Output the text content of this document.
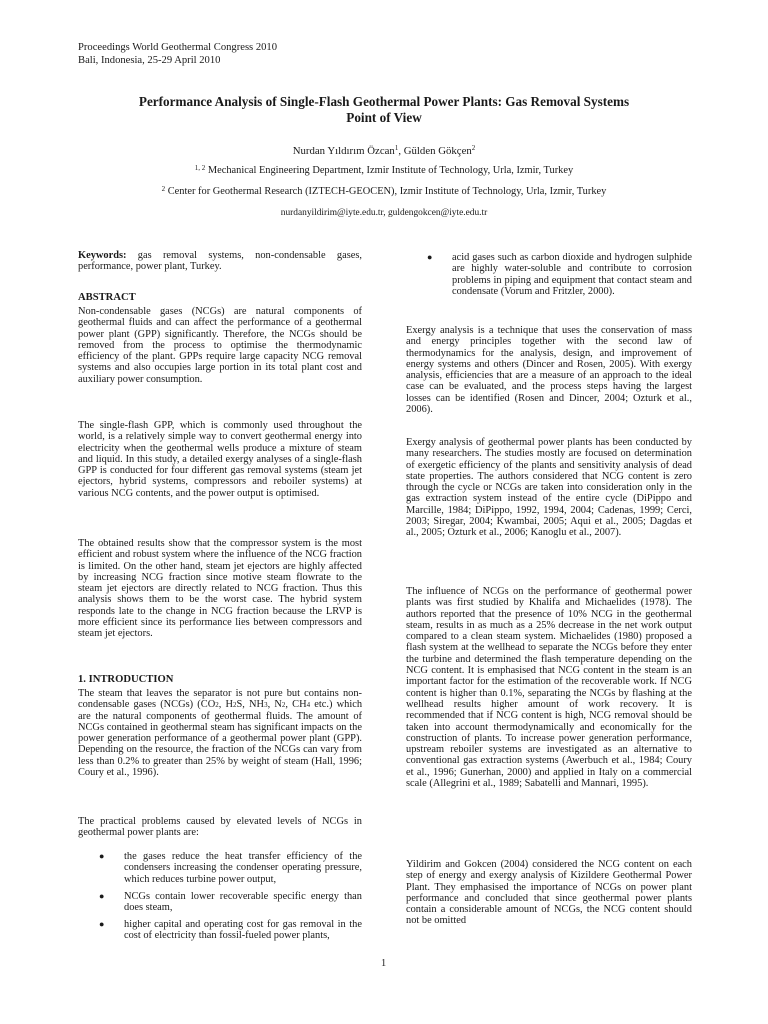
Proceedings World Geothermal Congress 2010
Bali, Indonesia, 25-29 April 2010
Performance Analysis of Single-Flash Geothermal Power Plants: Gas Removal Systems
Point of View
Nurdan Yıldırım Özcan$^1$, Gülden Gökçen$^2$
$^{1, 2}$ Mechanical Engineering Department, Izmir Institute of Technology, Urla, Izmir, Turkey
$^2$ Center for Geothermal Research (IZTECH-GEOCEN), Izmir Institute of Technology, Urla, Izmir, Turkey
nurdanyildirim@iyte.edu.tr, guldengokcen@iyte.edu.tr

Keywords: gas removal systems, non-condensable gases, performance, power plant, Turkey.

ABSTRACT

Non-condensable gases (NCGs) are natural components of geothermal fluids and can affect the performance of a geothermal power plant (GPP) significantly. Therefore, the NCGs should be removed from the process to optimise the thermodynamic efficiency of the plant. GPPs require large capacity NCG removal systems and also occupies large portion in its total plant cost and auxiliary power consumption.

The single-flash GPP, which is commonly used throughout the world, is a relatively simple way to convert geothermal energy into electricity when the geothermal wells produce a mixture of steam and liquid. In this study, a detailed exergy analyses of a single-flash GPP is conducted for four different gas removal systems (steam jet ejectors, hybrid systems, compressors and reboiler systems) at various NCG contents, and the power output is optimised.

The obtained results show that the compressor system is the most efficient and robust system where the influence of the NCG fraction is limited. On the other hand, steam jet ejectors are highly affected by increasing NCG fraction since motive steam flowrate to the steam jet ejectors are directly related to NCG fraction. Thus this analysis shows them to be the worst case. The hybrid system responds late to the change in NCG fraction because the LRVP is more efficient since its performance lies between compressors and steam jet ejectors.

1. INTRODUCTION

The steam that leaves the separator is not pure but contains non-condensable gases (NCGs) ($CO_2$, $H_2S$, $NH_3$, $N_2$, $CH_4$ etc.) which are the natural components of geothermal fluids. The amount of NCGs contained in geothermal steam has significant impacts on the power generation performance of a geothermal power plant (GPP). Depending on the resource, the fraction of the NCGs can vary from less than 0.2% to greater than 25% by weight of steam (Hall, 1996; Coury et al., 1996).

The practical problems caused by elevated levels of NCGs in geothermal power plants are:

● the gases reduce the heat transfer efficiency of the condensers increasing the condenser operating pressure, which reduces turbine power output,
● NCGs contain lower recoverable specific energy than does steam,
● higher capital and operating cost for gas removal in the cost of electricity than fossil-fueled power plants,
● acid gases such as carbon dioxide and hydrogen sulphide are highly water-soluble and contribute to corrosion problems in piping and equipment that contact steam and condensate (Vorum and Fritzler, 2000).

Exergy analysis is a technique that uses the conservation of mass and energy principles together with the second law of thermodynamics for the analysis, design, and improvement of energy systems and others (Dincer and Rosen, 2005). With exergy analysis, efficiencies that are a measure of an approach to the ideal case can be evaluated, and the process steps having the largest losses can be identified (Rosen and Dincer, 2004; Ozturk et al., 2006).

Exergy analysis of geothermal power plants has been conducted by many researchers. The studies mostly are focused on determination of exergetic efficiency of the plants and sensitivity analysis of dead state properties. The authors considered that NCG content is zero through the cycle or NCGs are taken into consideration only in the gas extraction system instead of the entire cycle (DiPippo and Marcille, 1984; DiPippo, 1992, 1994, 2004; Cadenas, 1999; Cerci, 2003; Siregar, 2004; Kwambai, 2005; Aqui et al., 2005; Dagdas et al., 2005; Ozturk et al., 2006; Kanoglu et al., 2007).

The influence of NCGs on the performance of geothermal power plants was first studied by Khalifa and Michaelides (1978). The authors reported that the presence of 10% NCG in the geothermal steam, results in as much as a 25% decrease in the net work output compared to a clean steam system. Michaelides (1980) proposed a flash system at the wellhead to separate the NCGs before they enter the turbine and determined the flash temperature depending on the NCG content. It is emphasised that NCG content in the steam is an important factor for the estimation of the recoverable work. If NCG content is higher than 0.1%, separating the NCGs by flashing at the wellhead results higher amount of work recovery. It is recommended that if NCG content is high, NCG removal should be taken into account thermodynamically and economically for the construction of plants. To increase power generation performance, upstream reboiler systems are investigated as an alternative to conventional gas extraction systems (Awerbuch et al., 1984; Coury et al., 1996; Gunerhan, 2000) and applied in Italy on a commercial scale (Allegrini et al., 1989; Sabatelli and Mannari, 1995).

Yildirim and Gokcen (2004) considered the NCG content on each step of energy and exergy analysis of Kizildere Geothermal Power Plant. They emphasised the importance of NCGs on power plant performance and concluded that since geothermal power plants contain a considerable amount of NCGs, the NCG content should not be omitted

1
